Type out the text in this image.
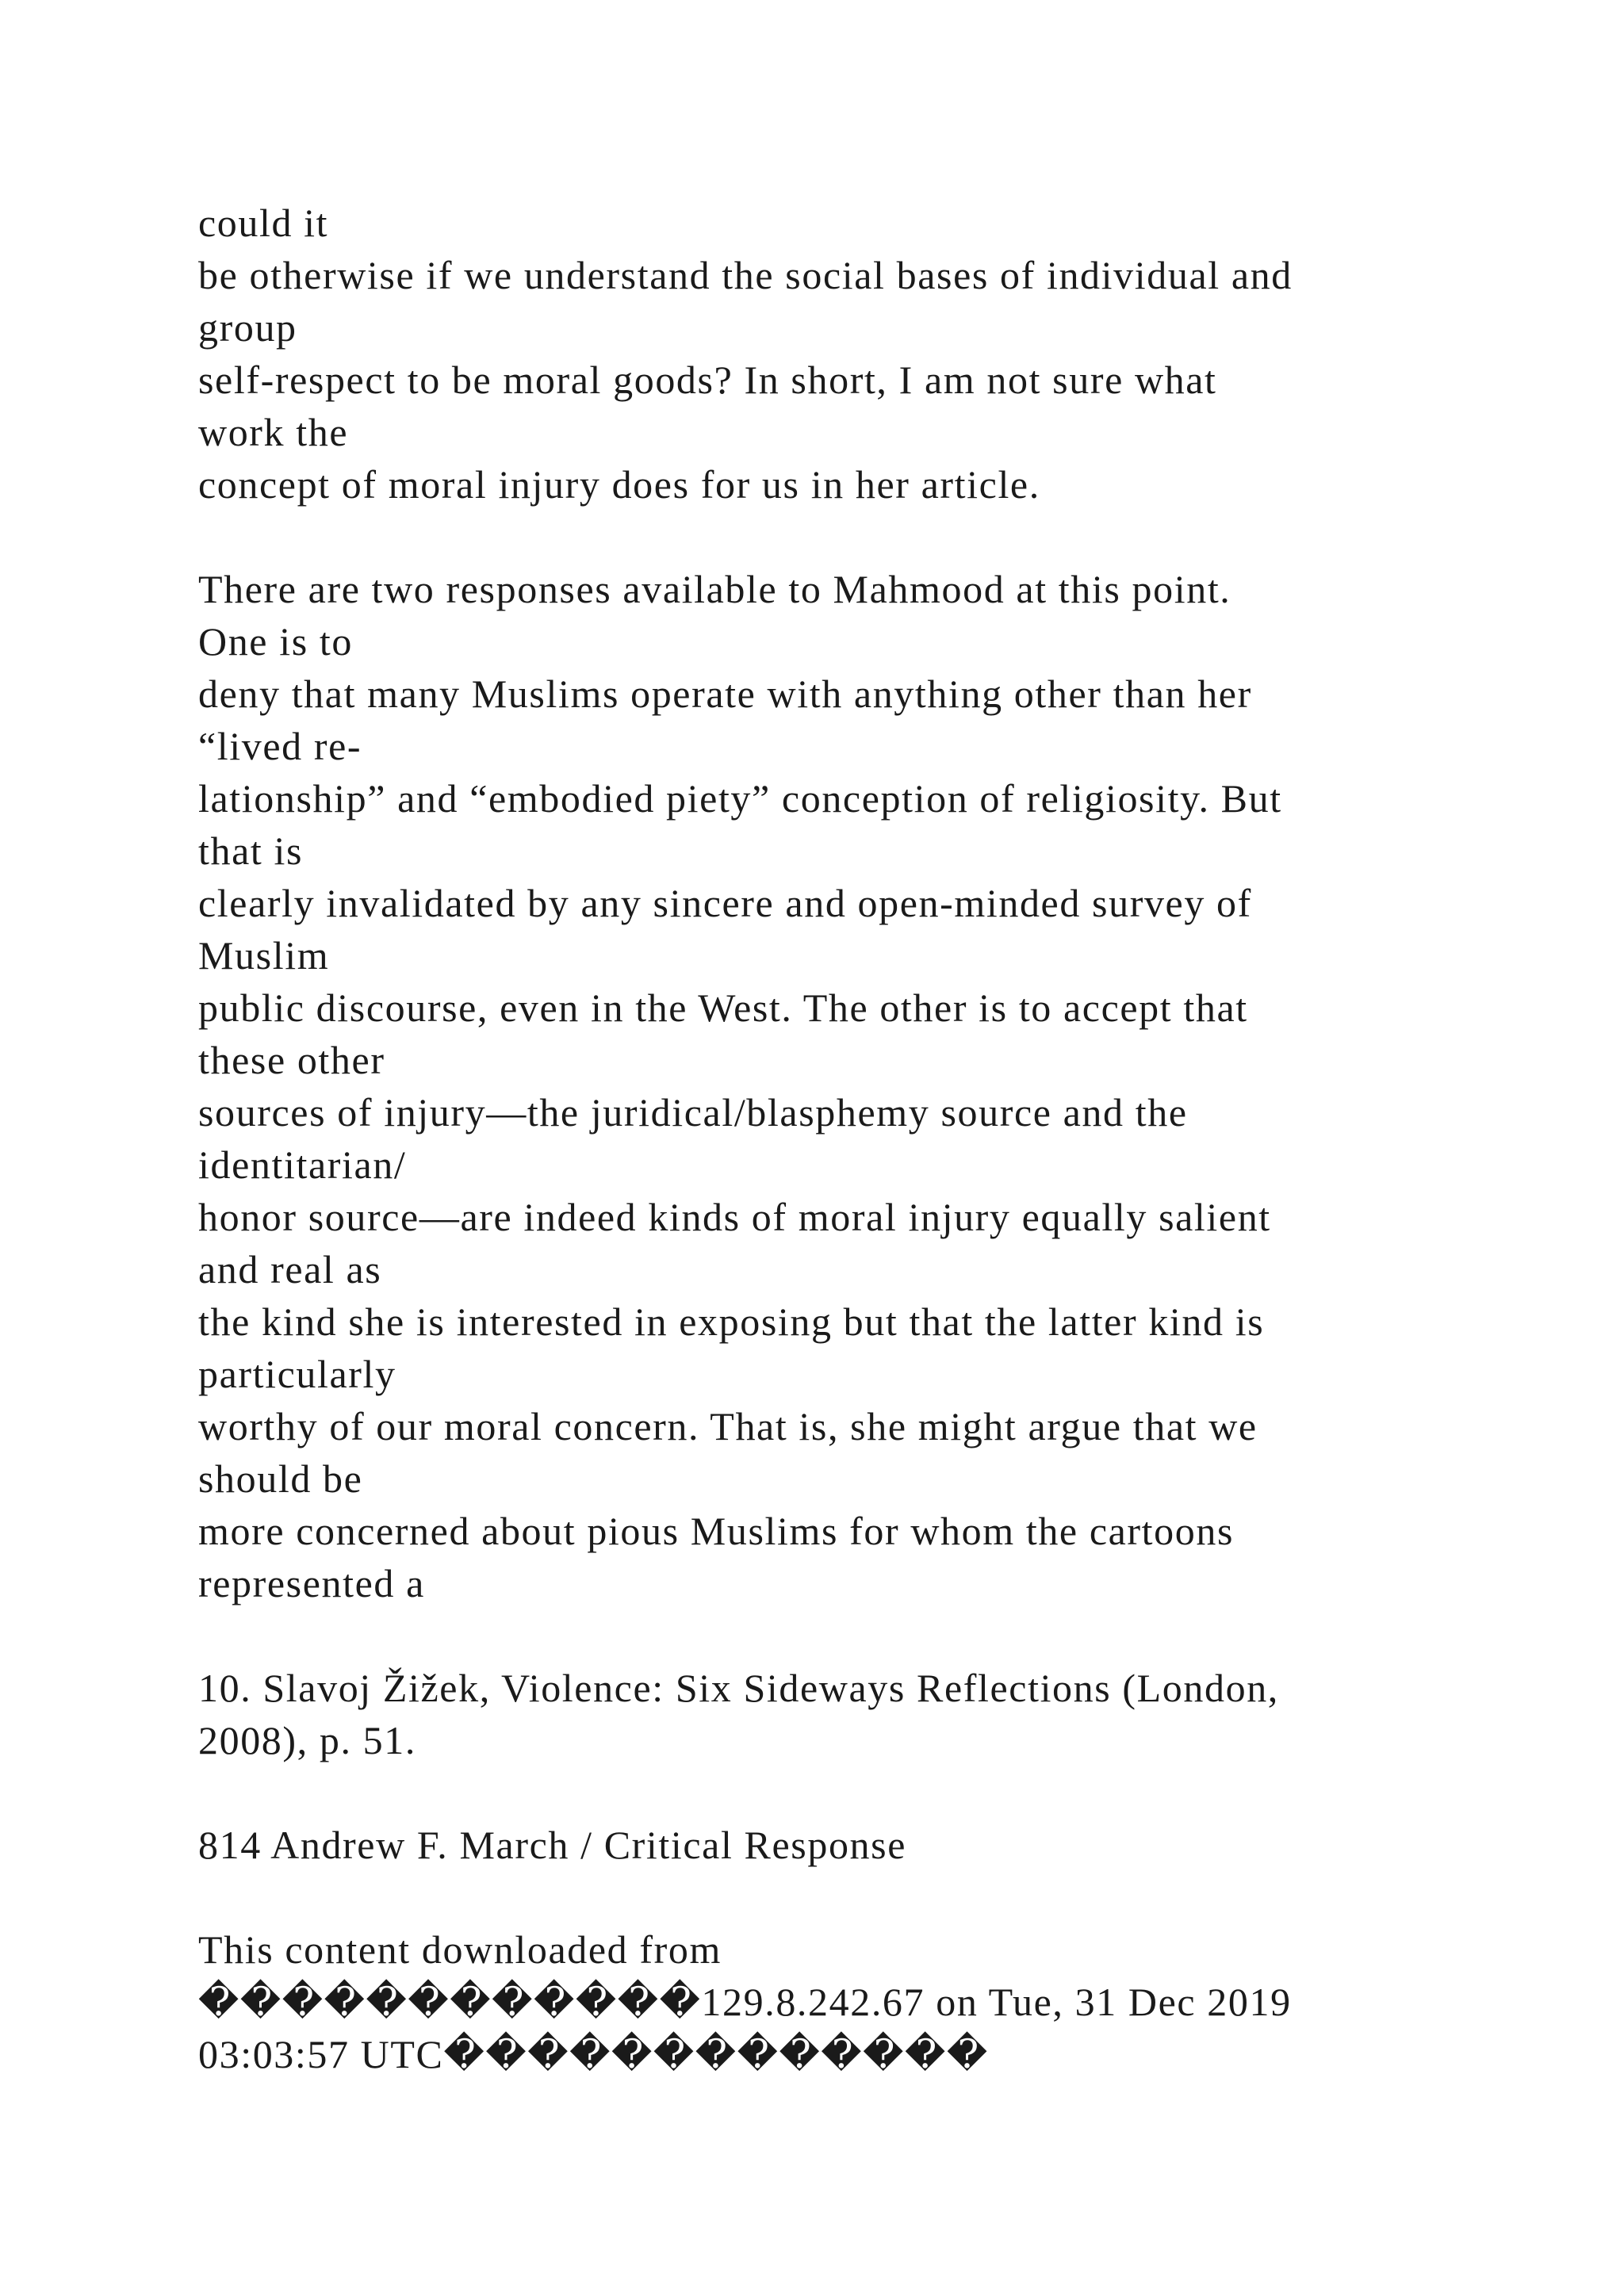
could it
be otherwise if we understand the social bases of individual and
group
self-respect to be moral goods? In short, I am not sure what
work the
concept of moral injury does for us in her article.
There are two responses available to Mahmood at this point.
One is to
deny that many Muslims operate with anything other than her
“lived re-
lationship” and “embodied piety” conception of religiosity. But
that is
clearly invalidated by any sincere and open-minded survey of
Muslim
public discourse, even in the West. The other is to accept that
these other
sources of injury—the juridical/blasphemy source and the
identitarian/
honor source—are indeed kinds of moral injury equally salient
and real as
the kind she is interested in exposing but that the latter kind is
particularly
worthy of our moral concern. That is, she might argue that we
should be
more concerned about pious Muslims for whom the cartoons
represented a
10. Slavoj Žižek, Violence: Six Sideways Reflections (London,
2008), p. 51.
814 Andrew F. March / Critical Response
This content downloaded from
������������129.8.242.67 on Tue, 31 Dec 2019
03:03:57 UTC�������������
